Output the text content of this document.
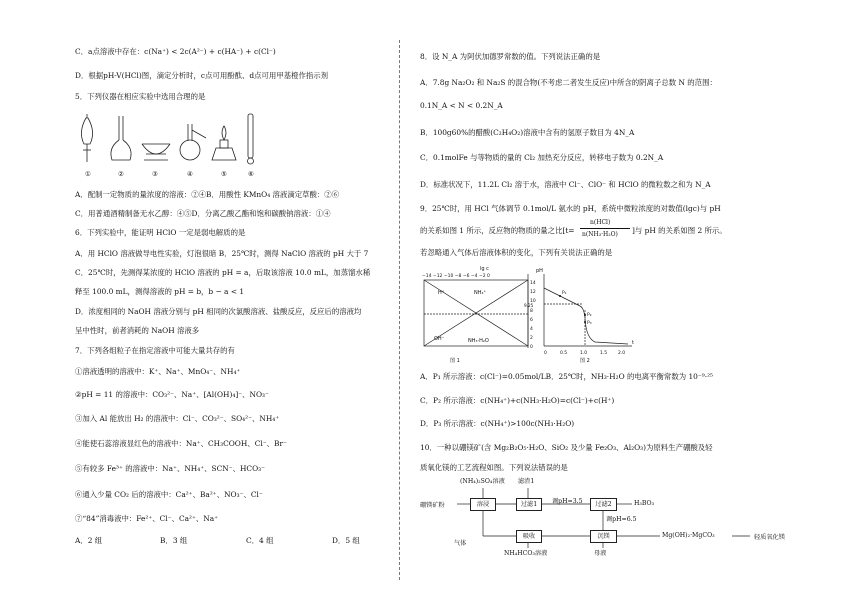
C．a点溶液中存在：c(Na⁺) < 2c(A²⁻) + c(HA⁻) + c(Cl⁻)
D．根据pH-V(HCl)图，滴定分析时，c点可用酚酞、d点可用甲基橙作指示剂
5．下列仪器在相应实验中选用合理的是
①	②	③	④	⑤	⑥
A．配制一定物质的量浓度的溶液：②④B．用酸性 KMnO₄ 溶液滴定草酸：②⑥
C．用普通酒精制备无水乙醇：④⑤D．分离乙酸乙酯和饱和碳酸钠溶液：①④
6．下列实验中，能证明 HClO 一定是弱电解质的是
A．用 HClO 溶液做导电性实验，灯泡很暗 B．25℃时，测得 NaClO 溶液的 pH 大于 7
C．25℃时，先测得某浓度的 HClO 溶液的 pH = a，后取该溶液 10.0 mL，加蒸馏水稀
释至 100.0 mL，测得溶液的 pH = b，b − a < 1
D．浓度相同的 NaOH 溶液分别与 pH 相同的次氯酸溶液、盐酸反应，反应后的溶液均
呈中性时，前者消耗的 NaOH 溶液多
7．下列各组粒子在指定溶液中可能大量共存的有
①溶液透明的溶液中：K⁺、Na⁺、MnO₄⁻、NH₄⁺
②pH = 11 的溶液中：CO₃²⁻、Na⁺、[Al(OH)₄]⁻、NO₃⁻
③加入 Al 能放出 H₂ 的溶液中：Cl⁻、CO₃²⁻、SO₄²⁻、NH₄⁺
④能使石蕊溶液显红色的溶液中：Na⁺、CH₃COOH、Cl⁻、Br⁻
⑤有较多 Fe³⁺ 的溶液中：Na⁺、NH₄⁺、SCN⁻、HCO₃⁻
⑥通入少量 CO₂ 后的溶液中：Ca²⁺、Ba²⁺、NO₃⁻、Cl⁻
⑦“84”消毒液中：Fe²⁺、Cl⁻、Ca²⁺、Na⁺
A．2 组	B．3 组	C．4 组	D．5 组
8．设 N_A 为阿伏加德罗常数的值。下列说法正确的是
A．7.8g Na₂O₂ 和 Na₂S 的混合物(不考虑二者发生反应)中所含的阴离子总数 N 的范围：
0.1N_A < N < 0.2N_A
B．100g60%的醋酸(C₂H₄O₂)溶液中含有的氢原子数目为 4N_A
C．0.1molFe 与等物质的量的 Cl₂ 加热充分反应，转移电子数为 0.2N_A
D．标准状况下，11.2L Cl₂ 溶于水，溶液中 Cl⁻、ClO⁻ 和 HClO 的微粒数之和为 N_A
9．25℃时，用 HCl 气体调节 0.1mol/L 氨水的 pH，系统中微粒浓度的对数值(lgc)与 pH
的关系如图 1 所示，反应物的物质的量之比[t=
n(HCl)
n(NH₃·H₂O) ]与 pH 的关系如图 2 所示。
若忽略通入气体后溶液体积的变化，下列有关说法正确的是
lg c
−14 −12 −10 −8 −6 −4 −2 0
H⁺	NH₄⁺
OH⁻	NH₃·H₂O
pH
14
12
10
9.25
8
6
4
2
0
P₁
P₂
P₃
0	0.5	1.0	1.5 2.0
t
图 1	图 2
A．P₁ 所示溶液：c(Cl⁻)=0.05mol/LB．25℃时，NH₃·H₂O 的电离平衡常数为 10⁻⁹·²⁵
C．P₂ 所示溶液：c(NH₄⁺)+c(NH₃·H₂O)=c(Cl⁻)+c(H⁺)
D．P₃ 所示溶液：c(NH₄⁺)>100c(NH₃·H₂O)
10．一种以硼镁矿(含 Mg₂B₂O₅·H₂O、SiO₂ 及少量 Fe₂O₃、Al₂O₃)为原料生产硼酸及轻
质氧化镁的工艺流程如图。下列说法错误的是
(NH₄)₂SO₄溶液 滤渣1
硼镁矿粉	溶浸	过滤1	调pH=3.5	过滤2	H₃BO₃
调pH=6.5
气体
吸收	沉镁	Mg(OH)₂·MgCO₃	轻质氧化镁
NH₄HCO₃溶液	母液
